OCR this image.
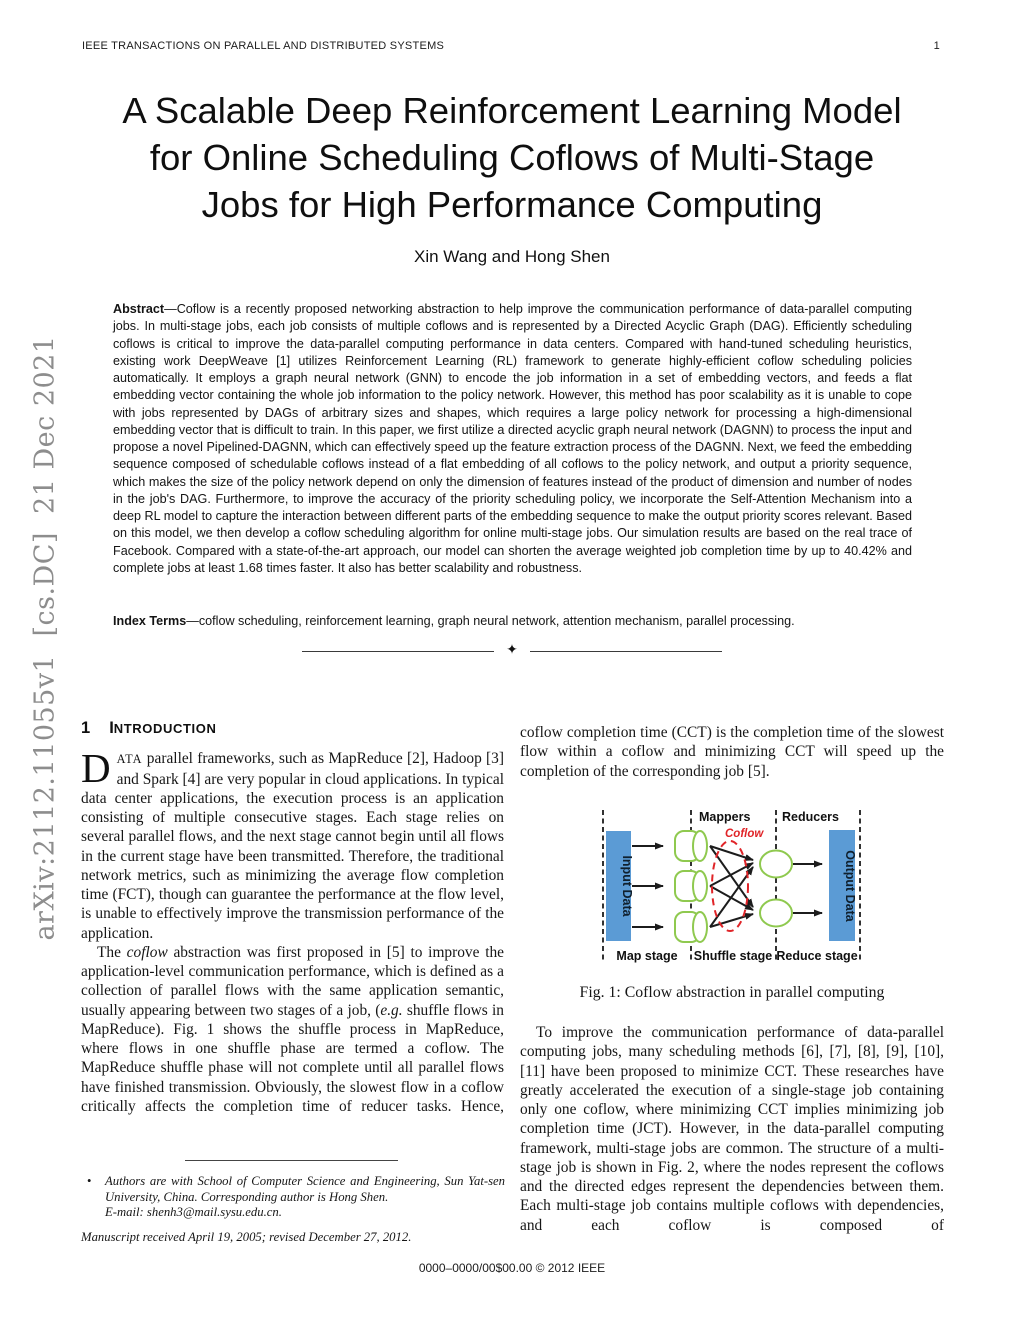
IEEE TRANSACTIONS ON PARALLEL AND DISTRIBUTED SYSTEMS	1
arXiv:2112.11055v1  [cs.DC]  21 Dec 2021
A Scalable Deep Reinforcement Learning Model
for Online Scheduling Coflows of Multi-Stage
Jobs for High Performance Computing
Xin Wang and Hong Shen
Abstract—Coflow is a recently proposed networking abstraction to help improve the communication performance of data-parallel computing jobs. In multi-stage jobs, each job consists of multiple coflows and is represented by a Directed Acyclic Graph (DAG). Efficiently scheduling coflows is critical to improve the data-parallel computing performance in data centers. Compared with hand-tuned scheduling heuristics, existing work DeepWeave [1] utilizes Reinforcement Learning (RL) framework to generate highly-efficient coflow scheduling policies automatically. It employs a graph neural network (GNN) to encode the job information in a set of embedding vectors, and feeds a flat embedding vector containing the whole job information to the policy network. However, this method has poor scalability as it is unable to cope with jobs represented by DAGs of arbitrary sizes and shapes, which requires a large policy network for processing a high-dimensional embedding vector that is difficult to train. In this paper, we first utilize a directed acyclic graph neural network (DAGNN) to process the input and propose a novel Pipelined-DAGNN, which can effectively speed up the feature extraction process of the DAGNN. Next, we feed the embedding sequence composed of schedulable coflows instead of a flat embedding of all coflows to the policy network, and output a priority sequence, which makes the size of the policy network depend on only the dimension of features instead of the product of dimension and number of nodes in the job's DAG. Furthermore, to improve the accuracy of the priority scheduling policy, we incorporate the Self-Attention Mechanism into a deep RL model to capture the interaction between different parts of the embedding sequence to make the output priority scores relevant. Based on this model, we then develop a coflow scheduling algorithm for online multi-stage jobs. Our simulation results are based on the real trace of Facebook. Compared with a state-of-the-art approach, our model can shorten the average weighted job completion time by up to 40.42% and complete jobs at least 1.68 times faster. It also has better scalability and robustness.
Index Terms—coflow scheduling, reinforcement learning, graph neural network, attention mechanism, parallel processing.
✦
1 INTRODUCTION

DATA parallel frameworks, such as MapReduce [2], Hadoop [3] and Spark [4] are very popular in cloud applications. In typical data center applications, the execution process is an application consisting of multiple consecutive stages. Each stage relies on several parallel flows, and the next stage cannot begin until all flows in the current stage have been transmitted. Therefore, the traditional network metrics, such as minimizing the average flow completion time (FCT), though can guarantee the performance at the flow level, is unable to effectively improve the transmission performance of the application.

The coflow abstraction was first proposed in [5] to improve the application-level communication performance, which is defined as a collection of parallel flows with the same application semantic, usually appearing between two stages of a job, (e.g. shuffle flows in MapReduce). Fig. 1 shows the shuffle process in MapReduce, where flows in one shuffle phase are termed a coflow. The MapReduce shuffle phase will not complete until all parallel flows have finished transmission. Obviously, the slowest flow in a coflow critically affects the completion time of reducer tasks. Hence,

coflow completion time (CCT) is the completion time of the slowest flow within a coflow and minimizing CCT will speed up the completion of the corresponding job [5].

Input Data	Output Data
Coflow
Mappers	Reducers
Map stage Shuffle stage Reduce stage

Fig. 1: Coflow abstraction in parallel computing

To improve the communication performance of data-parallel computing jobs, many scheduling methods [6], [7], [8], [9], [10], [11] have been proposed to minimize CCT. These researches have greatly accelerated the execution of a single-stage job containing only one coflow, where minimizing CCT implies minimizing job completion time (JCT). However, in the data-parallel computing framework, multi-stage jobs are common. The structure of a multi-stage job is shown in Fig. 2, where the nodes represent the coflows and the directed edges represent the dependencies between them. Each multi-stage job contains multiple coflows with dependencies, and each coflow is composed of

•	Authors are with School of Computer Science and Engineering, Sun Yat-sen University, China. Corresponding author is Hong Shen.
E-mail: shenh3@mail.sysu.edu.cn.
Manuscript received April 19, 2005; revised December 27, 2012.
0000–0000/00$00.00 © 2012 IEEE
